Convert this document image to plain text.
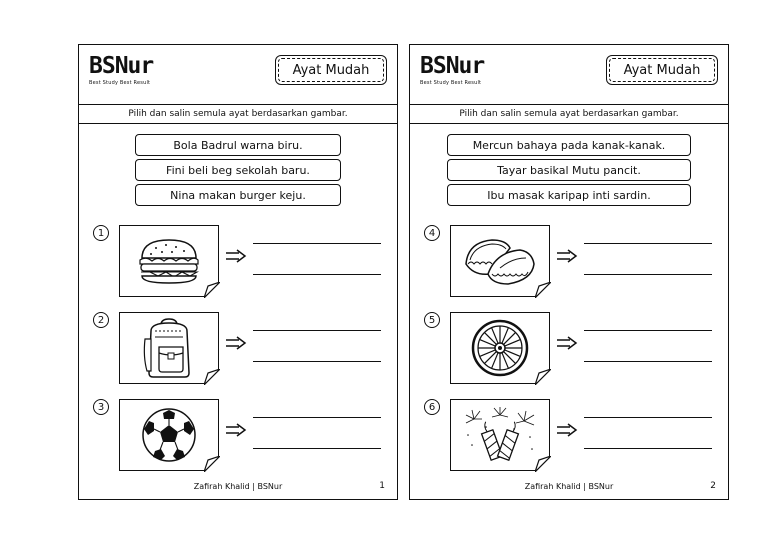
BSNur
Best Study Best Result
Ayat Mudah
Pilih dan salin semula ayat berdasarkan gambar.
Bola Badrul warna biru.
Fini beli beg sekolah baru.
Nina makan burger keju.
1
2
3
Zafirah Khalid | BSNur	1
BSNur
Best Study Best Result
Ayat Mudah
Pilih dan salin semula ayat berdasarkan gambar.
Mercun bahaya pada kanak-kanak.
Tayar basikal Mutu pancit.
Ibu masak karipap inti sardin.
4
5
6
Zafirah Khalid | BSNur	2
